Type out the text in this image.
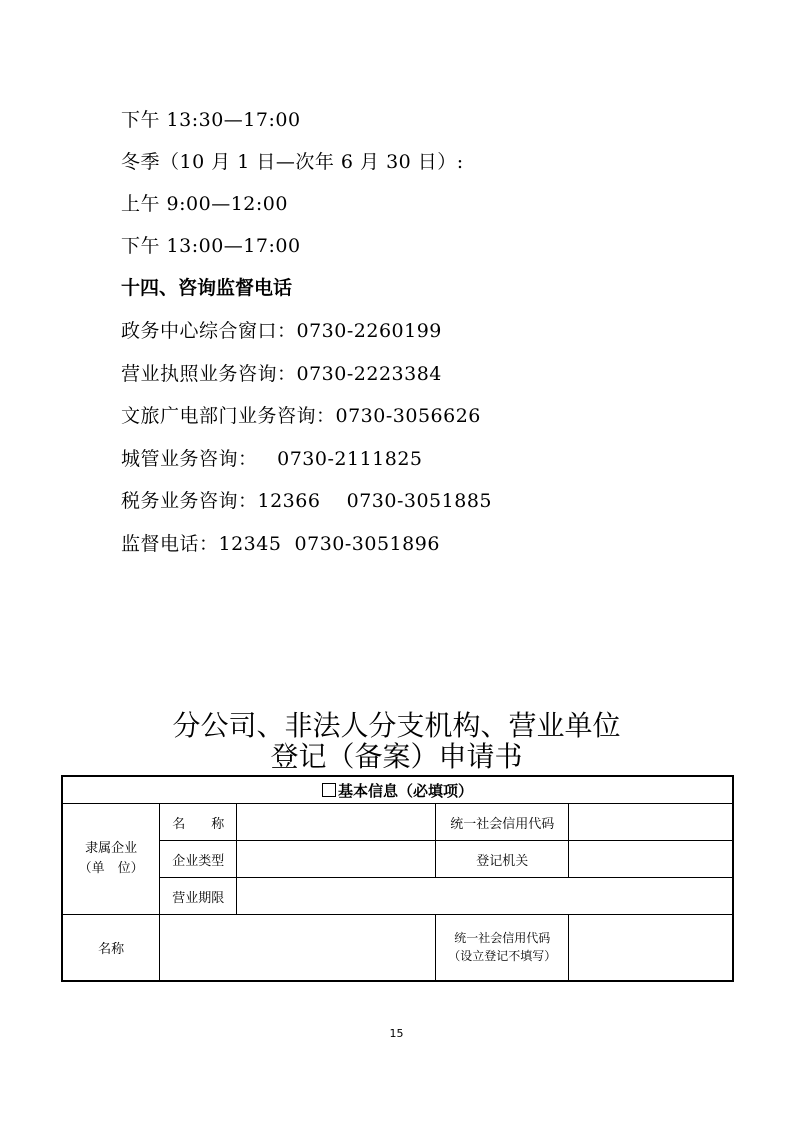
下午 13:30—17:00
冬季（10 月 1 日—次年 6 月 30 日）:
上午 9:00—12:00
下午 13:00—17:00
十四、咨询监督电话
政务中心综合窗口：0730-2260199
营业执照业务咨询：0730-2223384
文旅广电部门业务咨询：0730-3056626
城管业务咨询：   0730-2111825
税务业务咨询：12366    0730-3051885
监督电话：12345  0730-3051896
分公司、非法人分支机构、营业单位
登记（备案）申请书
基本信息（必填项）				
隶属企业（单　位）	名　　称		统一社会信用代码	
	企业类型		登记机关	
	营业期限			
名称			统一社会信用代码（设立登记不填写）	
15
